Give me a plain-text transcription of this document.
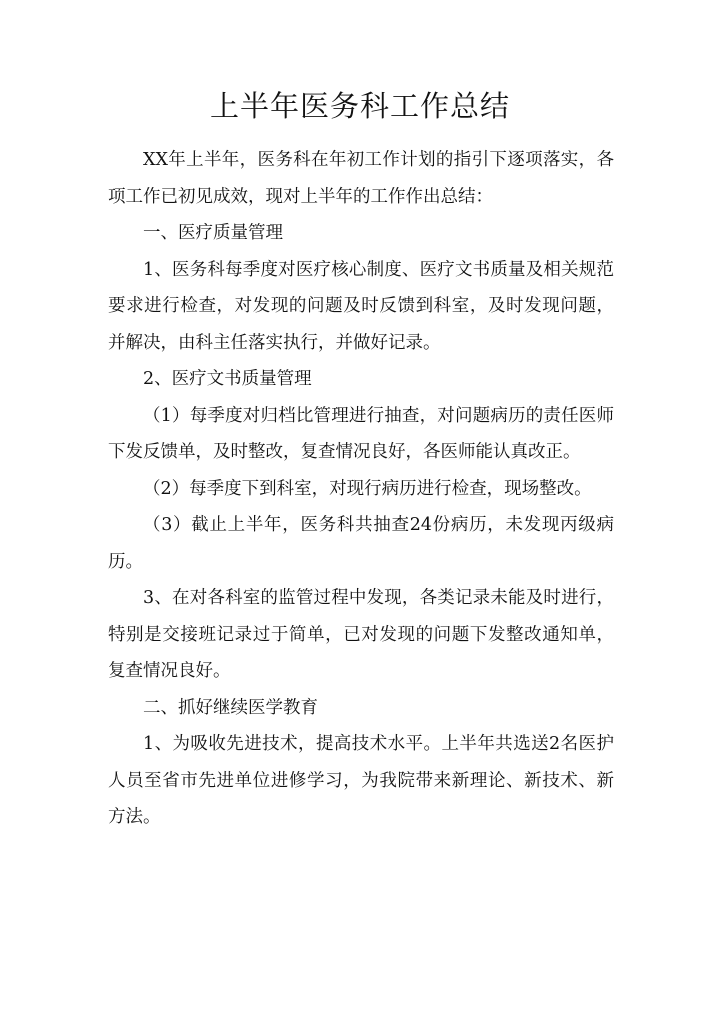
上半年医务科工作总结

XX年上半年，医务科在年初工作计划的指引下逐项落实，各项工作已初见成效，现对上半年的工作作出总结：

一、医疗质量管理

1、医务科每季度对医疗核心制度、医疗文书质量及相关规范要求进行检查，对发现的问题及时反馈到科室，及时发现问题，并解决，由科主任落实执行，并做好记录。

2、医疗文书质量管理

（1）每季度对归档比管理进行抽查，对问题病历的责任医师下发反馈单，及时整改，复查情况良好，各医师能认真改正。

（2）每季度下到科室，对现行病历进行检查，现场整改。

（3）截止上半年，医务科共抽查24份病历，未发现丙级病历。

3、在对各科室的监管过程中发现，各类记录未能及时进行，特别是交接班记录过于简单，已对发现的问题下发整改通知单，复查情况良好。

二、抓好继续医学教育

1、为吸收先进技术，提高技术水平。上半年共选送2名医护人员至省市先进单位进修学习，为我院带来新理论、新技术、新方法。
